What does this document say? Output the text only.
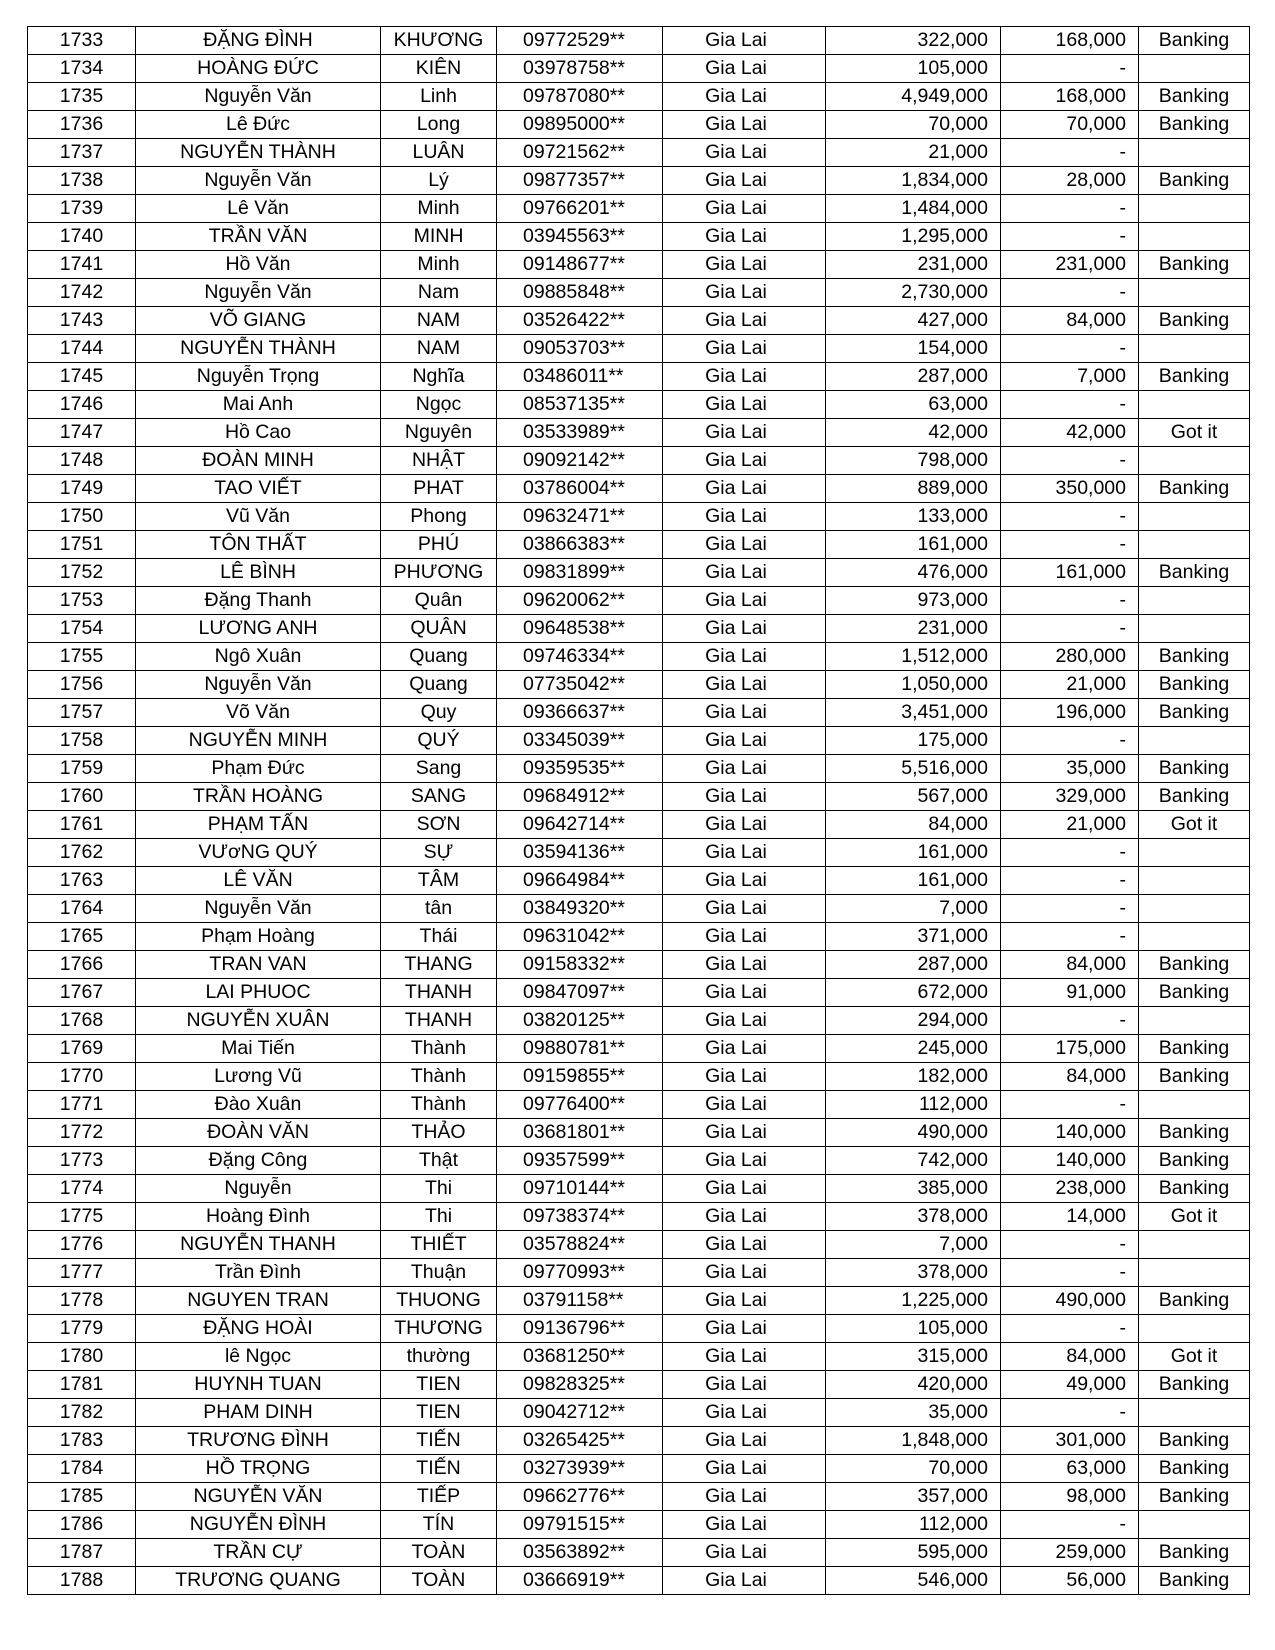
1733	ĐẶNG ĐÌNH	KHƯƠNG	09772529**	Gia Lai	322,000	168,000	Banking
1734	HOÀNG ĐỨC	KIÊN	03978758**	Gia Lai	105,000	-	
1735	Nguyễn Văn	Linh	09787080**	Gia Lai	4,949,000	168,000	Banking
1736	Lê Đức	Long	09895000**	Gia Lai	70,000	70,000	Banking
1737	NGUYỄN THÀNH	LUÂN	09721562**	Gia Lai	21,000	-	
1738	Nguyễn Văn	Lý	09877357**	Gia Lai	1,834,000	28,000	Banking
1739	Lê Văn	Minh	09766201**	Gia Lai	1,484,000	-	
1740	TRẦN VĂN	MINH	03945563**	Gia Lai	1,295,000	-	
1741	Hồ Văn	Minh	09148677**	Gia Lai	231,000	231,000	Banking
1742	Nguyễn Văn	Nam	09885848**	Gia Lai	2,730,000	-	
1743	VÕ GIANG	NAM	03526422**	Gia Lai	427,000	84,000	Banking
1744	NGUYỄN THÀNH	NAM	09053703**	Gia Lai	154,000	-	
1745	Nguyễn Trọng	Nghĩa	03486011**	Gia Lai	287,000	7,000	Banking
1746	Mai Anh	Ngọc	08537135**	Gia Lai	63,000	-	
1747	Hồ Cao	Nguyên	03533989**	Gia Lai	42,000	42,000	Got it
1748	ĐOÀN MINH	NHẬT	09092142**	Gia Lai	798,000	-	
1749	TAO VIẾT	PHAT	03786004**	Gia Lai	889,000	350,000	Banking
1750	Vũ Văn	Phong	09632471**	Gia Lai	133,000	-	
1751	TÔN THẤT	PHÚ	03866383**	Gia Lai	161,000	-	
1752	LÊ BÌNH	PHƯƠNG	09831899**	Gia Lai	476,000	161,000	Banking
1753	Đặng Thanh	Quân	09620062**	Gia Lai	973,000	-	
1754	LƯƠNG ANH	QUÂN	09648538**	Gia Lai	231,000	-	
1755	Ngô Xuân	Quang	09746334**	Gia Lai	1,512,000	280,000	Banking
1756	Nguyễn Văn	Quang	07735042**	Gia Lai	1,050,000	21,000	Banking
1757	Võ Văn	Quy	09366637**	Gia Lai	3,451,000	196,000	Banking
1758	NGUYỄN MINH	QUÝ	03345039**	Gia Lai	175,000	-	
1759	Phạm Đức	Sang	09359535**	Gia Lai	5,516,000	35,000	Banking
1760	TRẦN HOÀNG	SANG	09684912**	Gia Lai	567,000	329,000	Banking
1761	PHẠM TẤN	SƠN	09642714**	Gia Lai	84,000	21,000	Got it
1762	VƯơNG QUÝ	SỰ	03594136**	Gia Lai	161,000	-	
1763	LÊ VĂN	TÂM	09664984**	Gia Lai	161,000	-	
1764	Nguyễn Văn	tân	03849320**	Gia Lai	7,000	-	
1765	Phạm Hoàng	Thái	09631042**	Gia Lai	371,000	-	
1766	TRAN VAN	THANG	09158332**	Gia Lai	287,000	84,000	Banking
1767	LAI PHUOC	THANH	09847097**	Gia Lai	672,000	91,000	Banking
1768	NGUYỄN XUÂN	THANH	03820125**	Gia Lai	294,000	-	
1769	Mai Tiến	Thành	09880781**	Gia Lai	245,000	175,000	Banking
1770	Lương Vũ	Thành	09159855**	Gia Lai	182,000	84,000	Banking
1771	Đào Xuân	Thành	09776400**	Gia Lai	112,000	-	
1772	ĐOÀN VĂN	THẢO	03681801**	Gia Lai	490,000	140,000	Banking
1773	Đặng Công	Thật	09357599**	Gia Lai	742,000	140,000	Banking
1774	Nguyễn	Thi	09710144**	Gia Lai	385,000	238,000	Banking
1775	Hoàng Đình	Thi	09738374**	Gia Lai	378,000	14,000	Got it
1776	NGUYỄN THANH	THIẾT	03578824**	Gia Lai	7,000	-	
1777	Trần Đình	Thuận	09770993**	Gia Lai	378,000	-	
1778	NGUYEN TRAN	THUONG	03791158**	Gia Lai	1,225,000	490,000	Banking
1779	ĐẶNG HOÀI	THƯƠNG	09136796**	Gia Lai	105,000	-	
1780	lê Ngọc	thường	03681250**	Gia Lai	315,000	84,000	Got it
1781	HUYNH TUAN	TIEN	09828325**	Gia Lai	420,000	49,000	Banking
1782	PHAM DINH	TIEN	09042712**	Gia Lai	35,000	-	
1783	TRƯƠNG ĐÌNH	TIẾN	03265425**	Gia Lai	1,848,000	301,000	Banking
1784	HỒ TRỌNG	TIẾN	03273939**	Gia Lai	70,000	63,000	Banking
1785	NGUYỄN VĂN	TIẾP	09662776**	Gia Lai	357,000	98,000	Banking
1786	NGUYỄN ĐÌNH	TÍN	09791515**	Gia Lai	112,000	-	
1787	TRẦN CỰ	TOÀN	03563892**	Gia Lai	595,000	259,000	Banking
1788	TRƯƠNG QUANG	TOÀN	03666919**	Gia Lai	546,000	56,000	Banking
